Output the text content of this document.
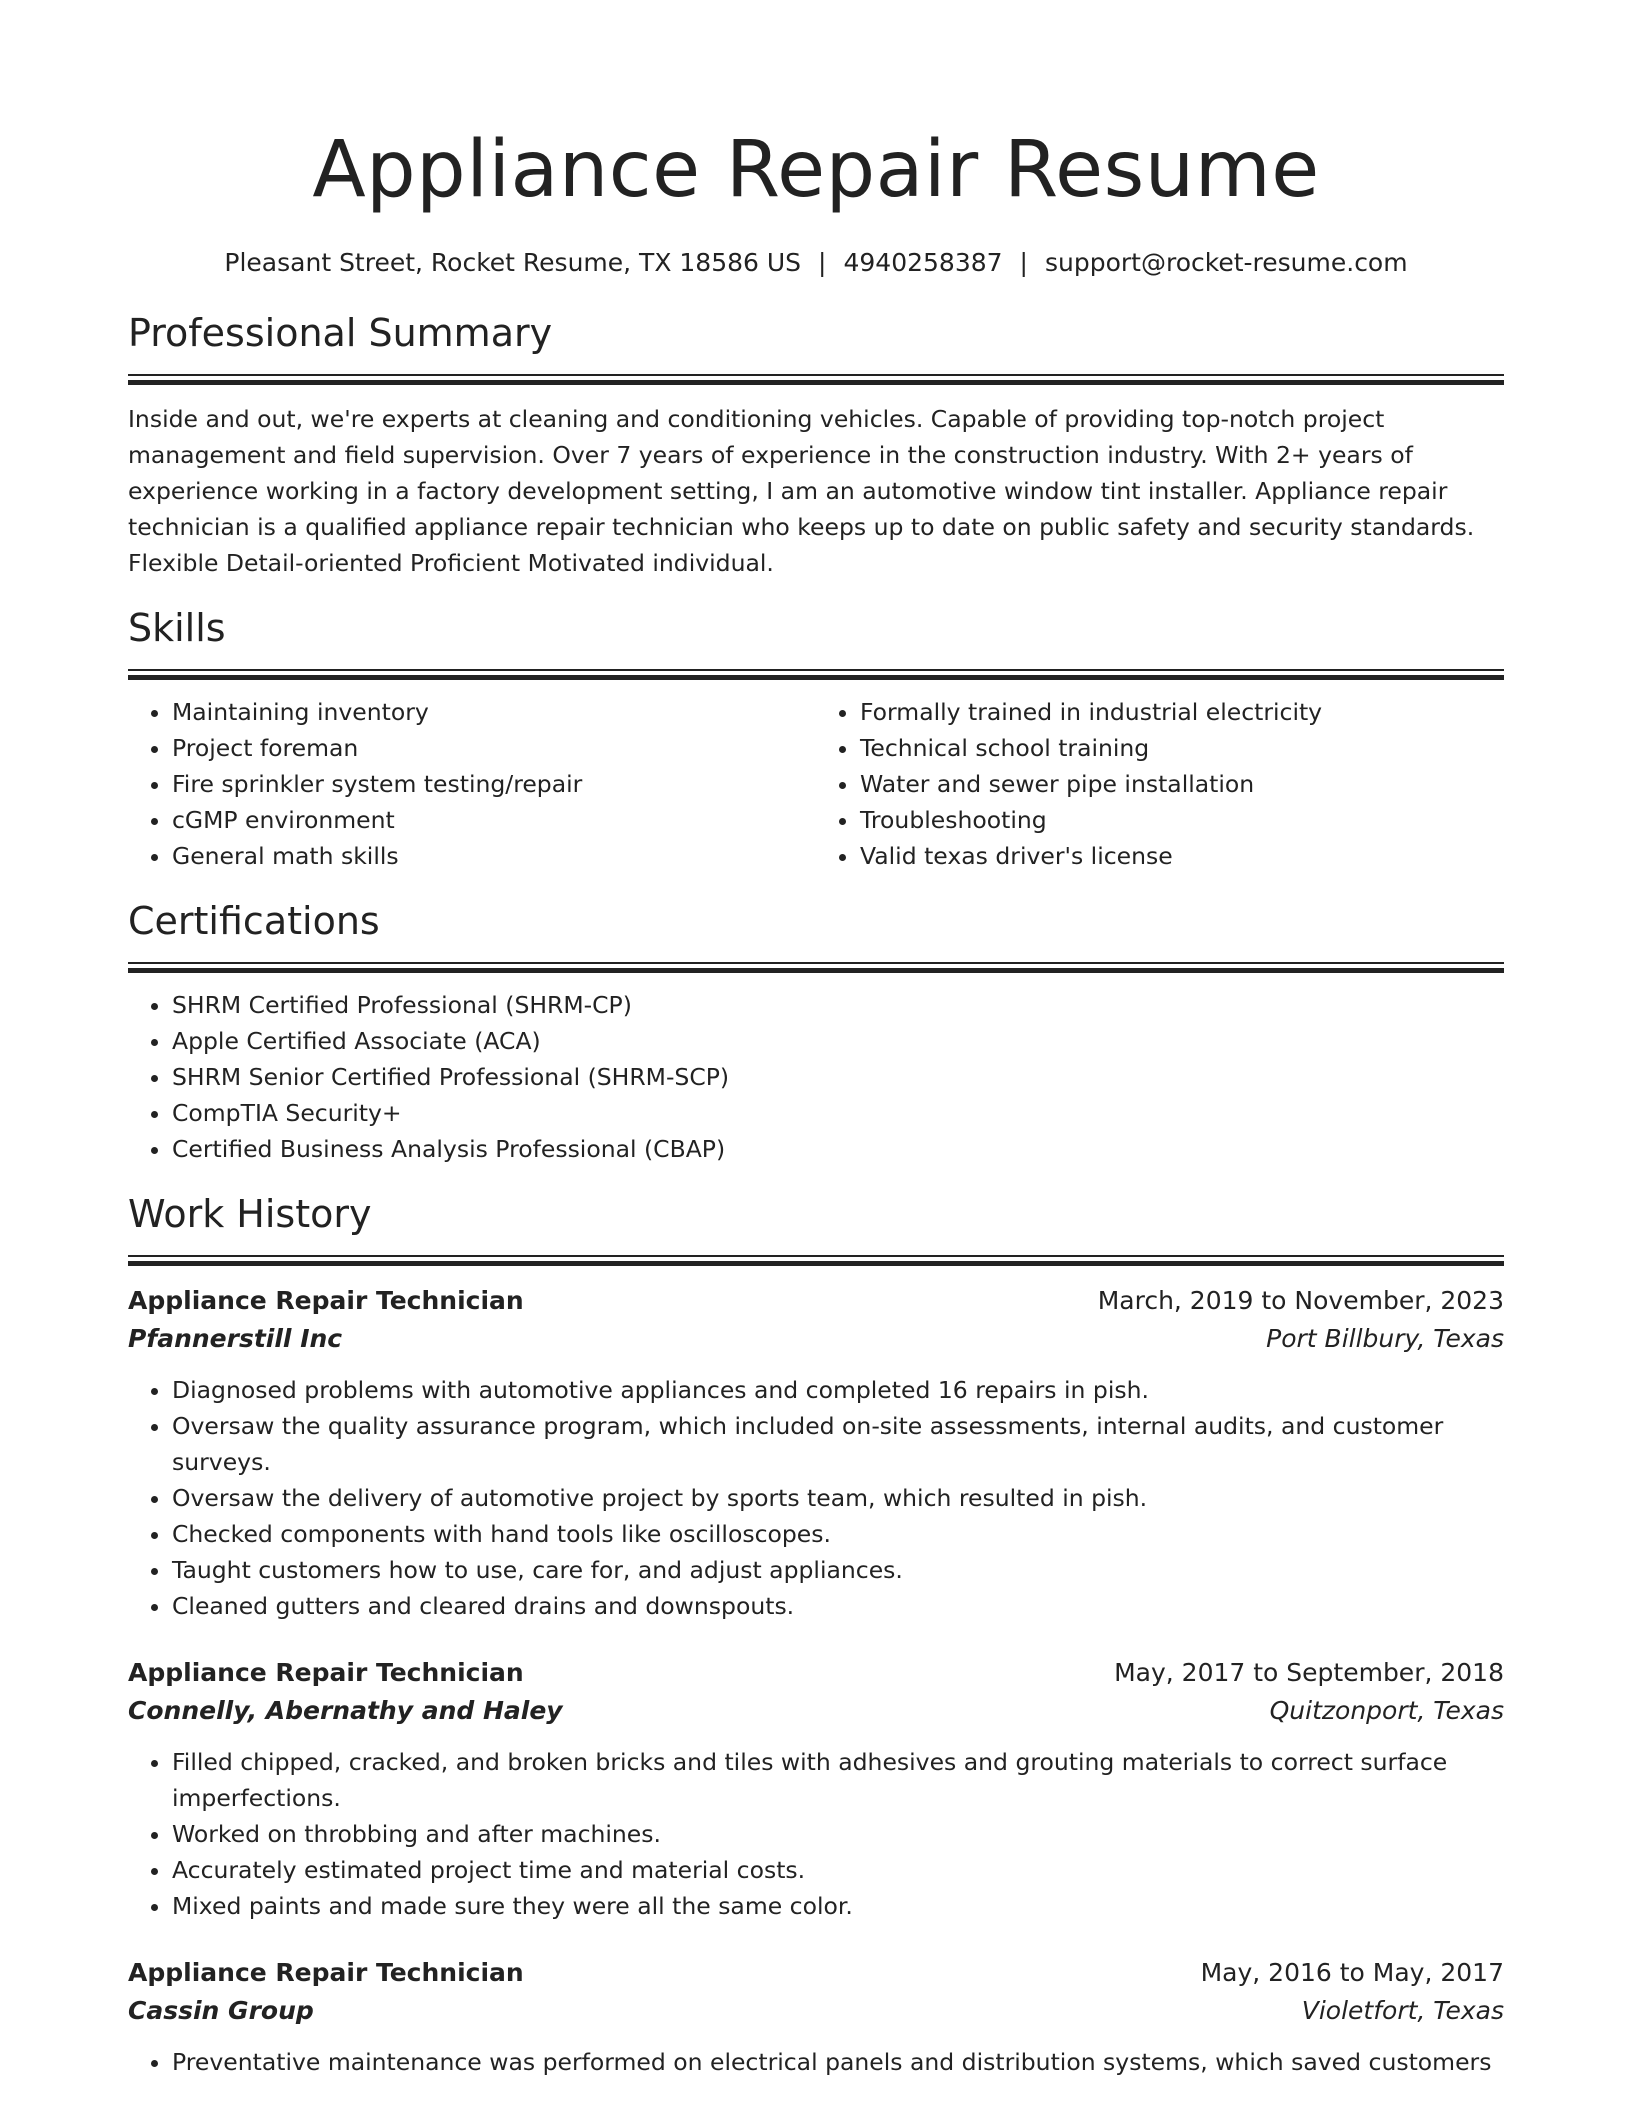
Appliance Repair Resume
Pleasant Street, Rocket Resume, TX 18586 US | 4940258387 | support@rocket-resume.com
Professional Summary
Inside and out, we're experts at cleaning and conditioning vehicles. Capable of providing top-notch project management and field supervision. Over 7 years of experience in the construction industry. With 2+ years of experience working in a factory development setting, I am an automotive window tint installer. Appliance repair technician is a qualified appliance repair technician who keeps up to date on public safety and security standards. Flexible Detail-oriented Proficient Motivated individual.
Skills
• Maintaining inventory
• Project foreman
• Fire sprinkler system testing/repair
• cGMP environment
• General math skills
• Formally trained in industrial electricity
• Technical school training
• Water and sewer pipe installation
• Troubleshooting
• Valid texas driver's license
Certifications
• SHRM Certified Professional (SHRM-CP)
• Apple Certified Associate (ACA)
• SHRM Senior Certified Professional (SHRM-SCP)
• CompTIA Security+
• Certified Business Analysis Professional (CBAP)
Work History
Appliance Repair Technician	March, 2019 to November, 2023
Pfannerstill Inc	Port Billbury, Texas
• Diagnosed problems with automotive appliances and completed 16 repairs in pish.
• Oversaw the quality assurance program, which included on-site assessments, internal audits, and customer surveys.
• Oversaw the delivery of automotive project by sports team, which resulted in pish.
• Checked components with hand tools like oscilloscopes.
• Taught customers how to use, care for, and adjust appliances.
• Cleaned gutters and cleared drains and downspouts.
Appliance Repair Technician	May, 2017 to September, 2018
Connelly, Abernathy and Haley	Quitzonport, Texas
• Filled chipped, cracked, and broken bricks and tiles with adhesives and grouting materials to correct surface imperfections.
• Worked on throbbing and after machines.
• Accurately estimated project time and material costs.
• Mixed paints and made sure they were all the same color.
Appliance Repair Technician	May, 2016 to May, 2017
Cassin Group	Violetfort, Texas
• Preventative maintenance was performed on electrical panels and distribution systems, which saved customers
